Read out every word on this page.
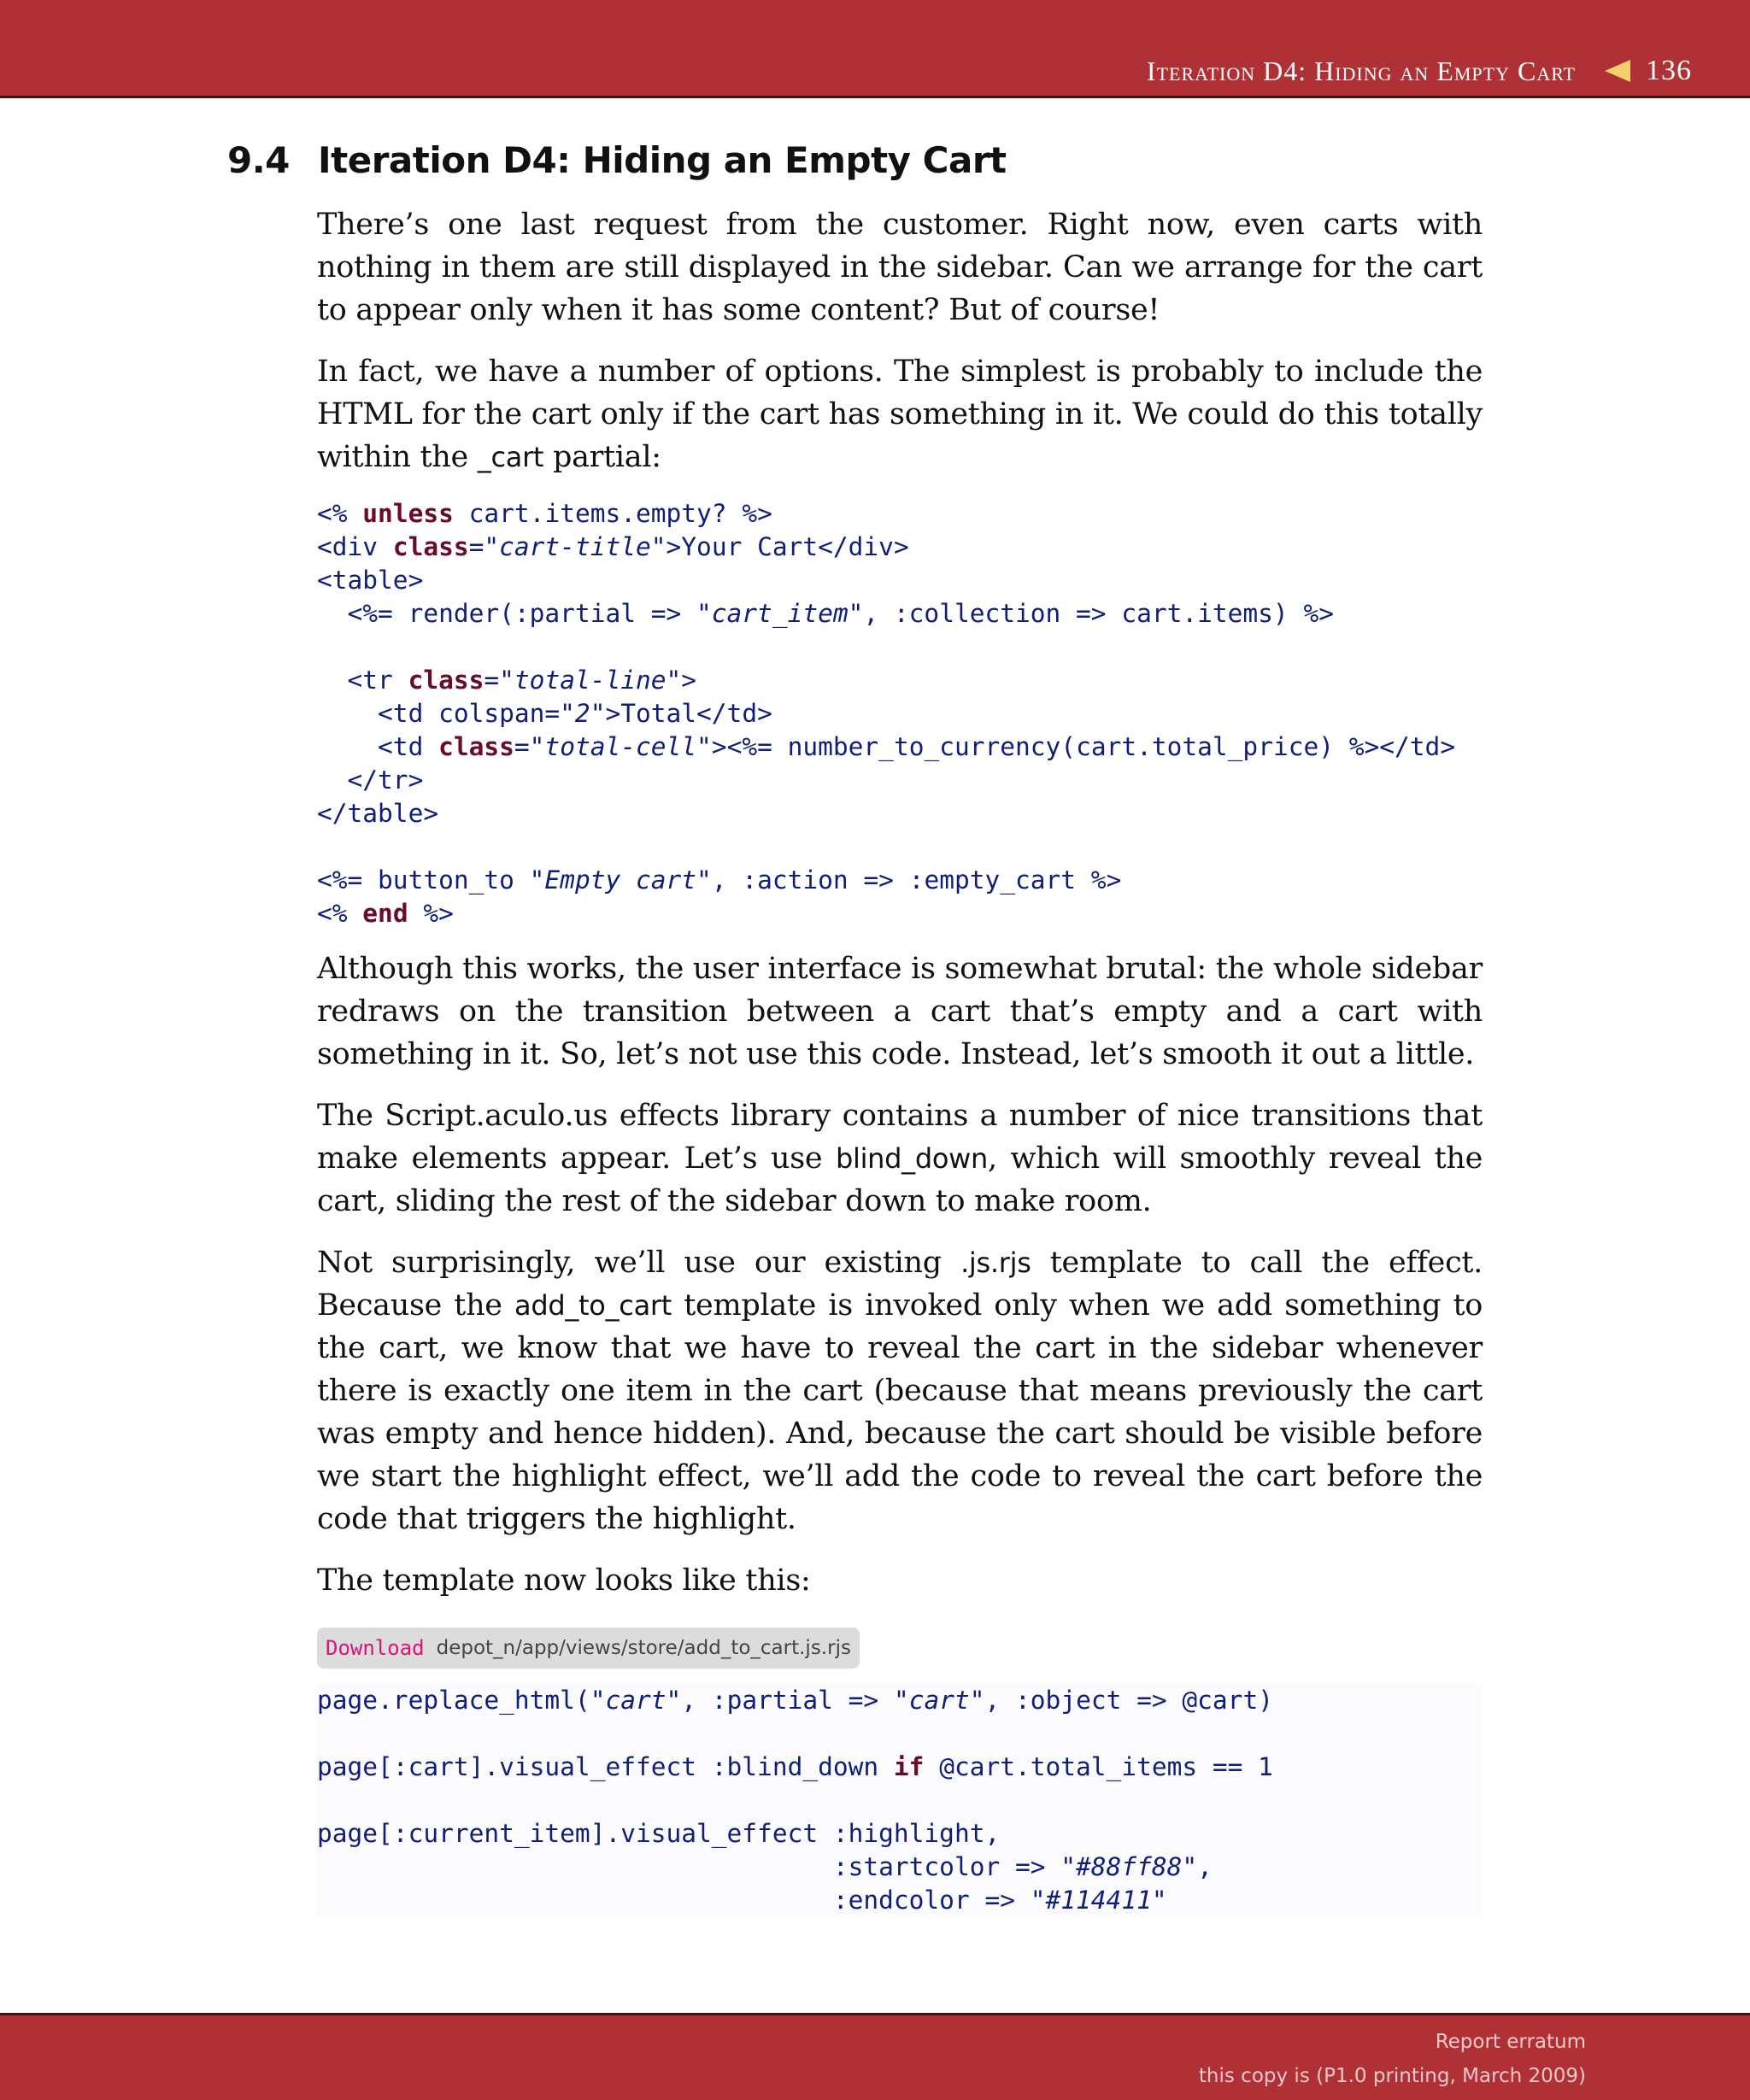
Iteration D4: Hiding an Empty Cart 136
9.4 Iteration D4: Hiding an Empty Cart

There’s one last request from the customer. Right now, even carts with nothing in them are still displayed in the sidebar. Can we arrange for the cart to appear only when it has some content? But of course!

In fact, we have a number of options. The simplest is probably to include the HTML for the cart only if the cart has something in it. We could do this totally within the _cart partial:

<% unless cart.items.empty? %>
<div class="cart-title">Your Cart</div>
<table>
<%= render(:partial => "cart_item", :collection => cart.items) %>

<tr class="total-line">
<td colspan="2">Total</td>
<td class="total-cell"><%= number_to_currency(cart.total_price) %></td>
</tr>
</table>

<%= button_to "Empty cart", :action => :empty_cart %>
<% end %>

Although this works, the user interface is somewhat brutal: the whole sidebar redraws on the transition between a cart that’s empty and a cart with something in it. So, let’s not use this code. Instead, let’s smooth it out a little.

The Script.aculo.us effects library contains a number of nice transitions that make elements appear. Let’s use blind_down, which will smoothly reveal the cart, sliding the rest of the sidebar down to make room.

Not surprisingly, we’ll use our existing .js.rjs template to call the effect. Because the add_to_cart template is invoked only when we add something to the cart, we know that we have to reveal the cart in the sidebar whenever there is exactly one item in the cart (because that means previously the cart was empty and hence hidden). And, because the cart should be visible before we start the highlight effect, we’ll add the code to reveal the cart before the code that triggers the highlight.

The template now looks like this:

Download depot_n/app/views/store/add_to_cart.js.rjs
page.replace_html("cart", :partial => "cart", :object => @cart)

page[:cart].visual_effect :blind_down if @cart.total_items == 1

page[:current_item].visual_effect :highlight,
:startcolor => "#88ff88",
:endcolor => "#114411"
Report erratum
this copy is (P1.0 printing, March 2009)
